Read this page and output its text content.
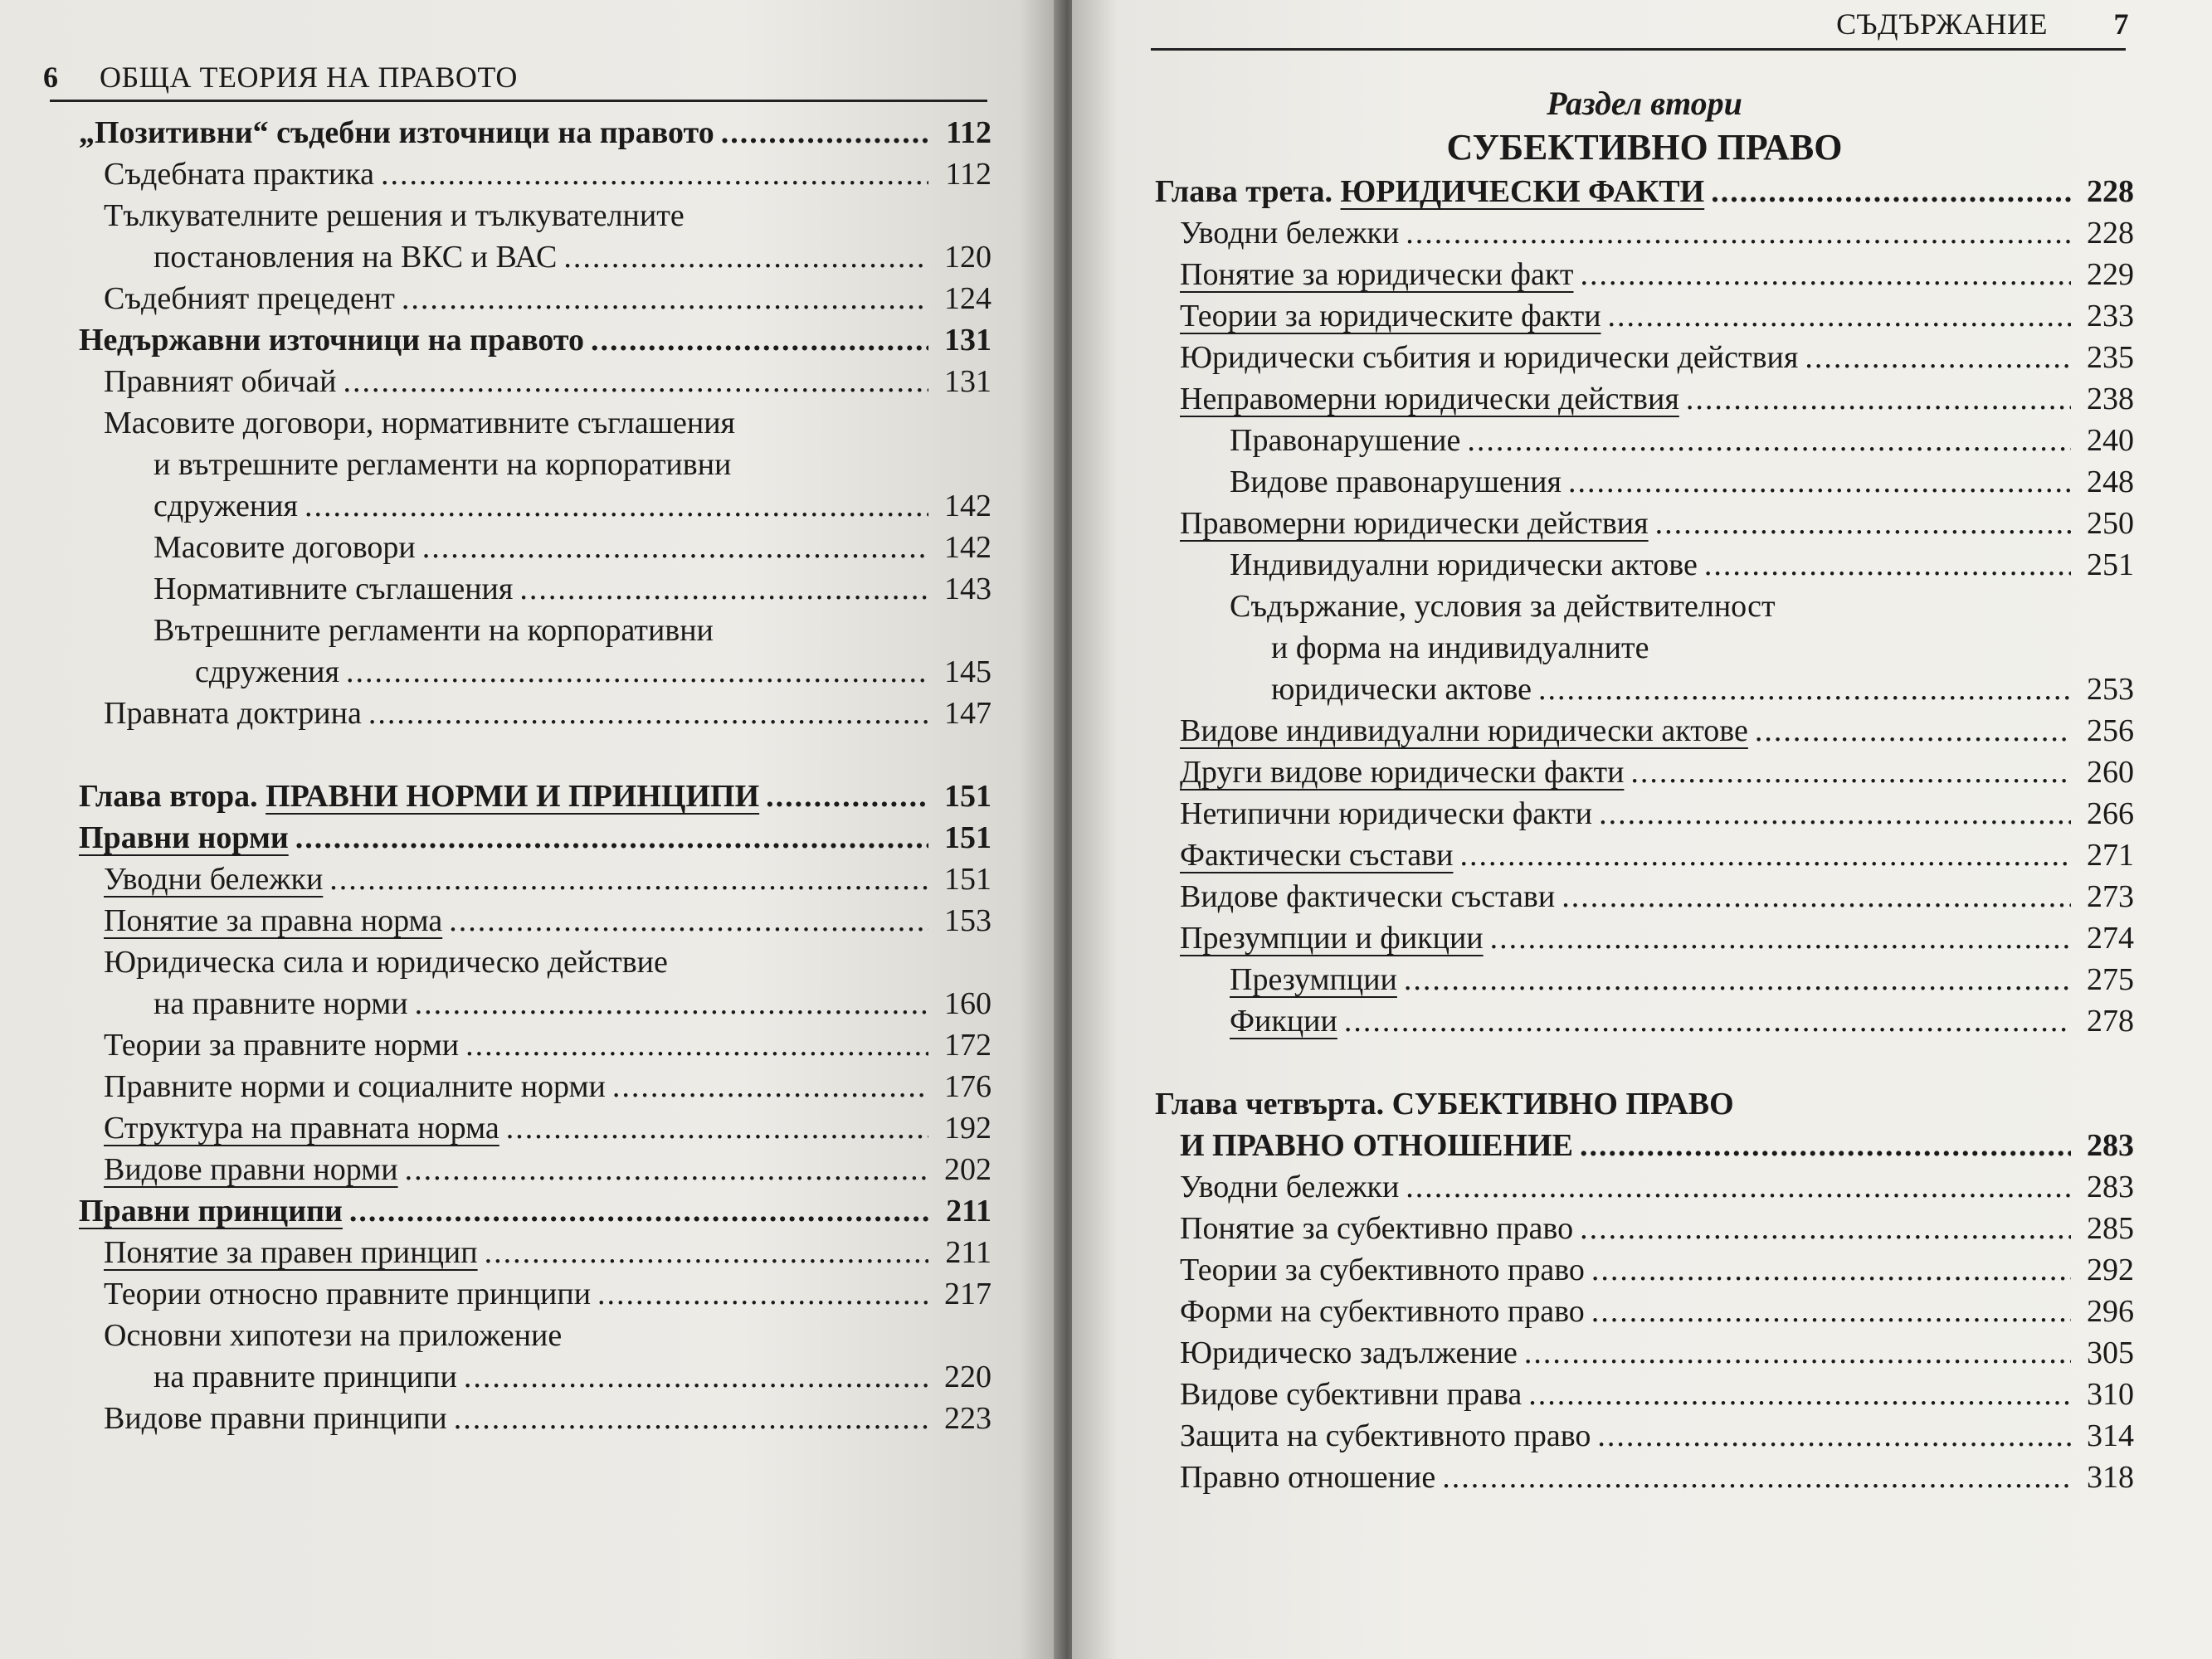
6 ОБЩА ТЕОРИЯ НА ПРАВОТО
„Позитивни“ съдебни източници на правото .....	112
Съдебната практика .....	112
Тълкувателните решения и тълкувателните
постановления на ВКС и ВАС .....	120
Съдебният прецедент .....	124
Недържавни източници на правото .....	131
Правният обичай .....	131
Масовите договори, нормативните съглашения
и вътрешните регламенти на корпоративни
сдружения .....	142
Масовите договори .....	142
Нормативните съглашения .....	143
Вътрешните регламенти на корпоративни
сдружения .....	145
Правната доктрина .....	147
Глава втора. ПРАВНИ НОРМИ И ПРИНЦИПИ .....	151
Правни норми .....	151
Уводни бележки .....	151
Понятие за правна норма .....	153
Юридическа сила и юридическо действие
на правните норми .....	160
Теории за правните норми .....	172
Правните норми и социалните норми .....	176
Структура на правната норма .....	192
Видове правни норми .....	202
Правни принципи .....	211
Понятие за правен принцип .....	211
Теории относно правните принципи .....	217
Основни хипотези на приложение
на правните принципи .....	220
Видове правни принципи .....	223
СЪДЪРЖАНИЕ 7
Раздел втори
СУБЕКТИВНО ПРАВО
Глава трета. ЮРИДИЧЕСКИ ФАКТИ .....	228
Уводни бележки .....	228
Понятие за юридически факт .....	229
Теории за юридическите факти .....	233
Юридически събития и юридически действия .....	235
Неправомерни юридически действия .....	238
Правонарушение .....	240
Видове правонарушения .....	248
Правомерни юридически действия .....	250
Индивидуални юридически актове .....	251
Съдържание, условия за действителност
и форма на индивидуалните
юридически актове .....	253
Видове индивидуални юридически актове .....	256
Други видове юридически факти .....	260
Нетипични юридически факти .....	266
Фактически състави .....	271
Видове фактически състави .....	273
Презумпции и фикции .....	274
Презумпции .....	275
Фикции .....	278
Глава четвърта. СУБЕКТИВНО ПРАВО
И ПРАВНО ОТНОШЕНИЕ .....	283
Уводни бележки .....	283
Понятие за субективно право .....	285
Теории за субективното право .....	292
Форми на субективното право .....	296
Юридическо задължение .....	305
Видове субективни права .....	310
Защита на субективното право .....	314
Правно отношение .....	318
